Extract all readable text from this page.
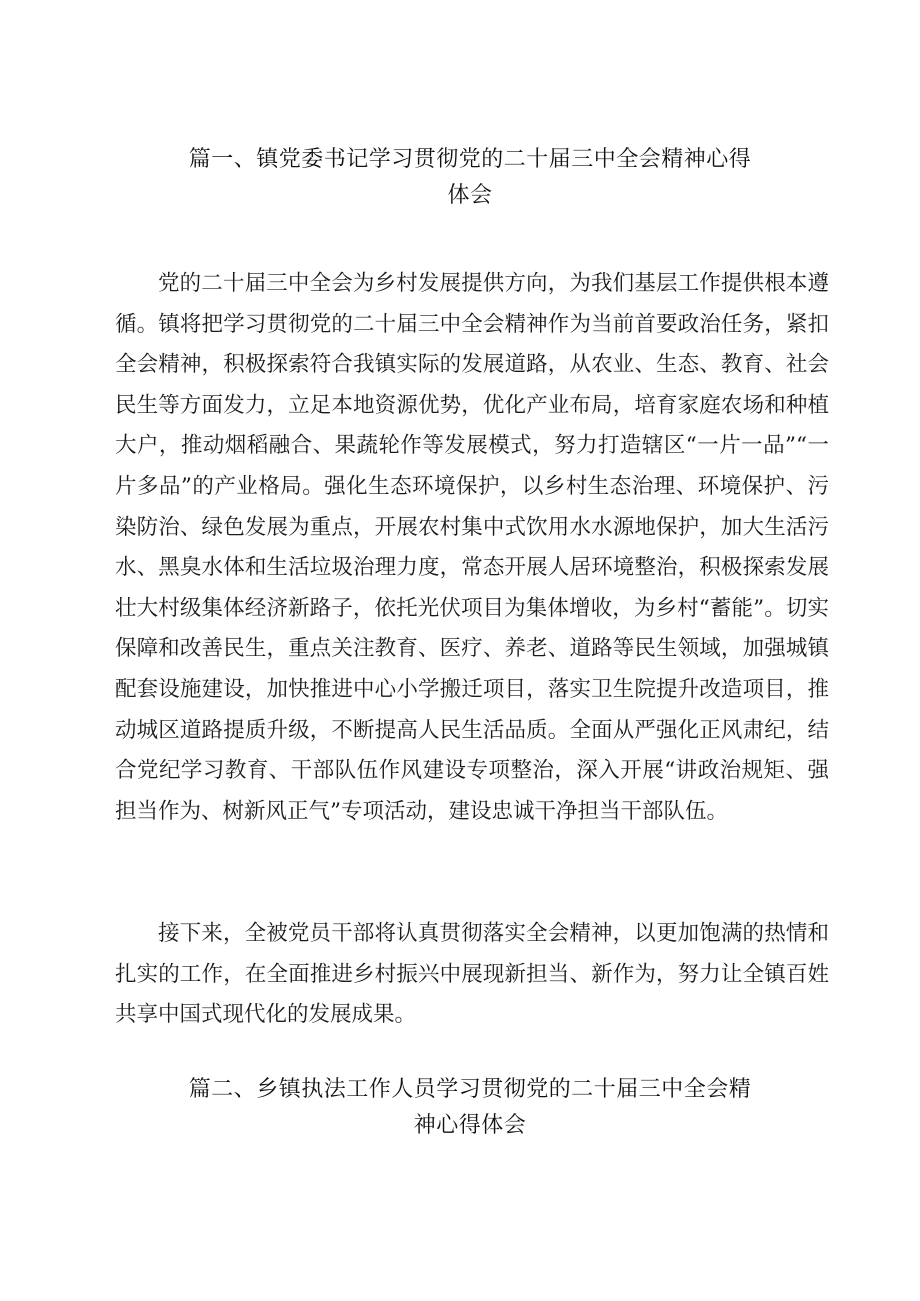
篇一、镇党委书记学习贯彻党的二十届三中全会精神心得
体会

党的二十届三中全会为乡村发展提供方向，为我们基层工作提供根本遵循。镇将把学习贯彻党的二十届三中全会精神作为当前首要政治任务，紧扣全会精神，积极探索符合我镇实际的发展道路，从农业、生态、教育、社会民生等方面发力，立足本地资源优势，优化产业布局，培育家庭农场和种植大户，推动烟稻融合、果蔬轮作等发展模式，努力打造辖区“一片一品”“一片多品”的产业格局。强化生态环境保护，以乡村生态治理、环境保护、污染防治、绿色发展为重点，开展农村集中式饮用水水源地保护，加大生活污水、黑臭水体和生活垃圾治理力度，常态开展人居环境整治，积极探索发展壮大村级集体经济新路子，依托光伏项目为集体增收，为乡村“蓄能”。切实保障和改善民生，重点关注教育、医疗、养老、道路等民生领域，加强城镇配套设施建设，加快推进中心小学搬迁项目，落实卫生院提升改造项目，推动城区道路提质升级，不断提高人民生活品质。全面从严强化正风肃纪，结合党纪学习教育、干部队伍作风建设专项整治，深入开展“讲政治规矩、强担当作为、树新风正气”专项活动，建设忠诚干净担当干部队伍。

接下来，全被党员干部将认真贯彻落实全会精神，以更加饱满的热情和扎实的工作，在全面推进乡村振兴中展现新担当、新作为，努力让全镇百姓共享中国式现代化的发展成果。

篇二、乡镇执法工作人员学习贯彻党的二十届三中全会精
神心得体会
